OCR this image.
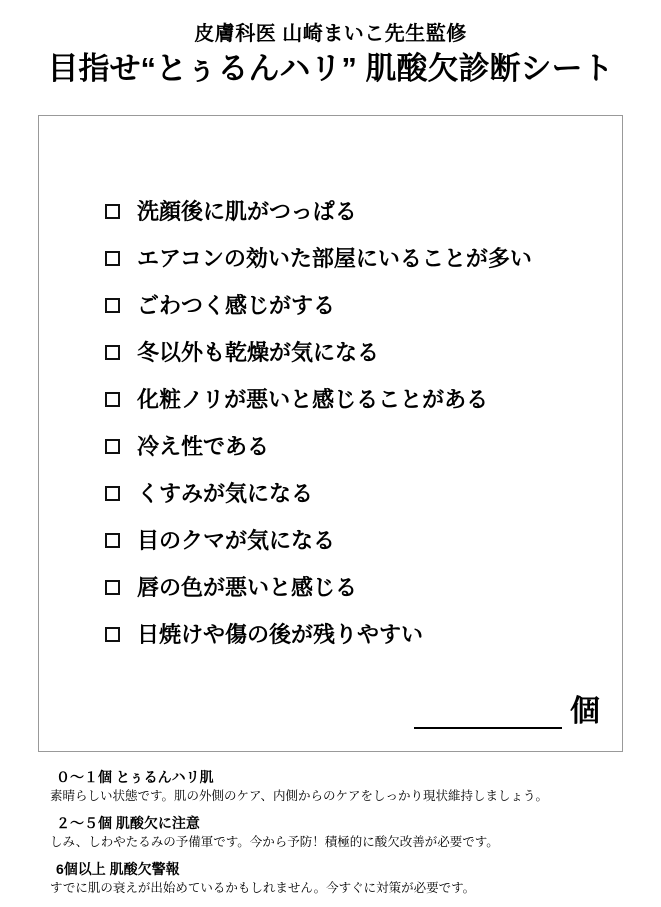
皮膚科医 山崎まいこ先生監修
目指せ“とぅるんハリ” 肌酸欠診断シート
洗顔後に肌がつっぱる
エアコンの効いた部屋にいることが多い
ごわつく感じがする
冬以外も乾燥が気になる
化粧ノリが悪いと感じることがある
冷え性である
くすみが気になる
目のクマが気になる
唇の色が悪いと感じる
日焼けや傷の後が残りやすい
個
０〜１個 とぅるんハリ肌
素晴らしい状態です。肌の外側のケア、内側からのケアをしっかり現状維持しましょう。
２〜５個 肌酸欠に注意
しみ、しわやたるみの予備軍です。今から予防！積極的に酸欠改善が必要です。
6個以上 肌酸欠警報
すでに肌の衰えが出始めているかもしれません。今すぐに対策が必要です。
